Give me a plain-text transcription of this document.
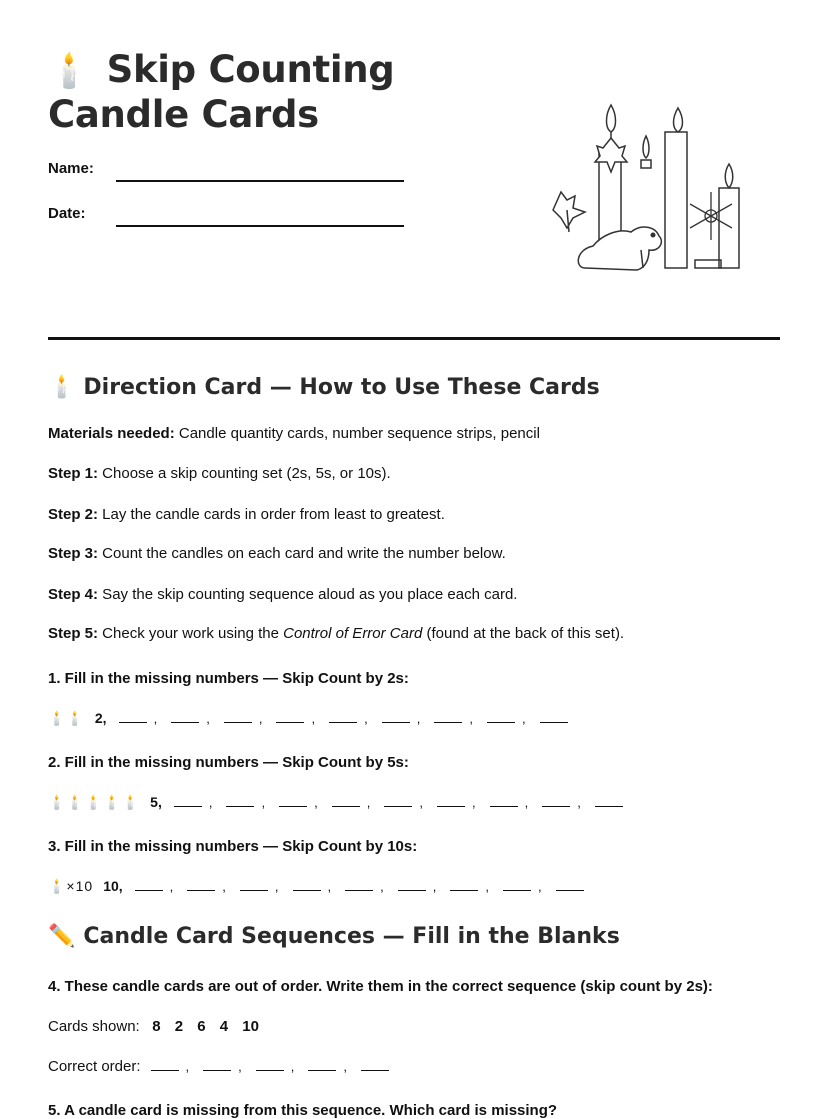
🕯️ Skip Counting
Candle Cards
Name:
Date:
🕯️ Direction Card — How to Use These Cards
Materials needed: Candle quantity cards, number sequence strips, pencil
Step 1: Choose a skip counting set (2s, 5s, or 10s).
Step 2: Lay the candle cards in order from least to greatest.
Step 3: Count the candles on each card and write the number below.
Step 4: Say the skip counting sequence aloud as you place each card.
Step 5: Check your work using the Control of Error Card (found at the back of this set).
1. Fill in the missing numbers — Skip Count by 2s:
🕯️🕯️ 2,	,	,	,	,	,	,	,	,
2. Fill in the missing numbers — Skip Count by 5s:
🕯️🕯️🕯️🕯️🕯️ 5,	,	,	,	,	,	,	,	,
3. Fill in the missing numbers — Skip Count by 10s:
🕯️×10 10,	,	,	,	,	,	,	,	,
✏️ Candle Card Sequences — Fill in the Blanks
4. These candle cards are out of order. Write them in the correct sequence (skip count by 2s):
Cards shown: 8 2 6 4 10
Correct order:	,	,	,	,
5. A candle card is missing from this sequence. Which card is missing?
